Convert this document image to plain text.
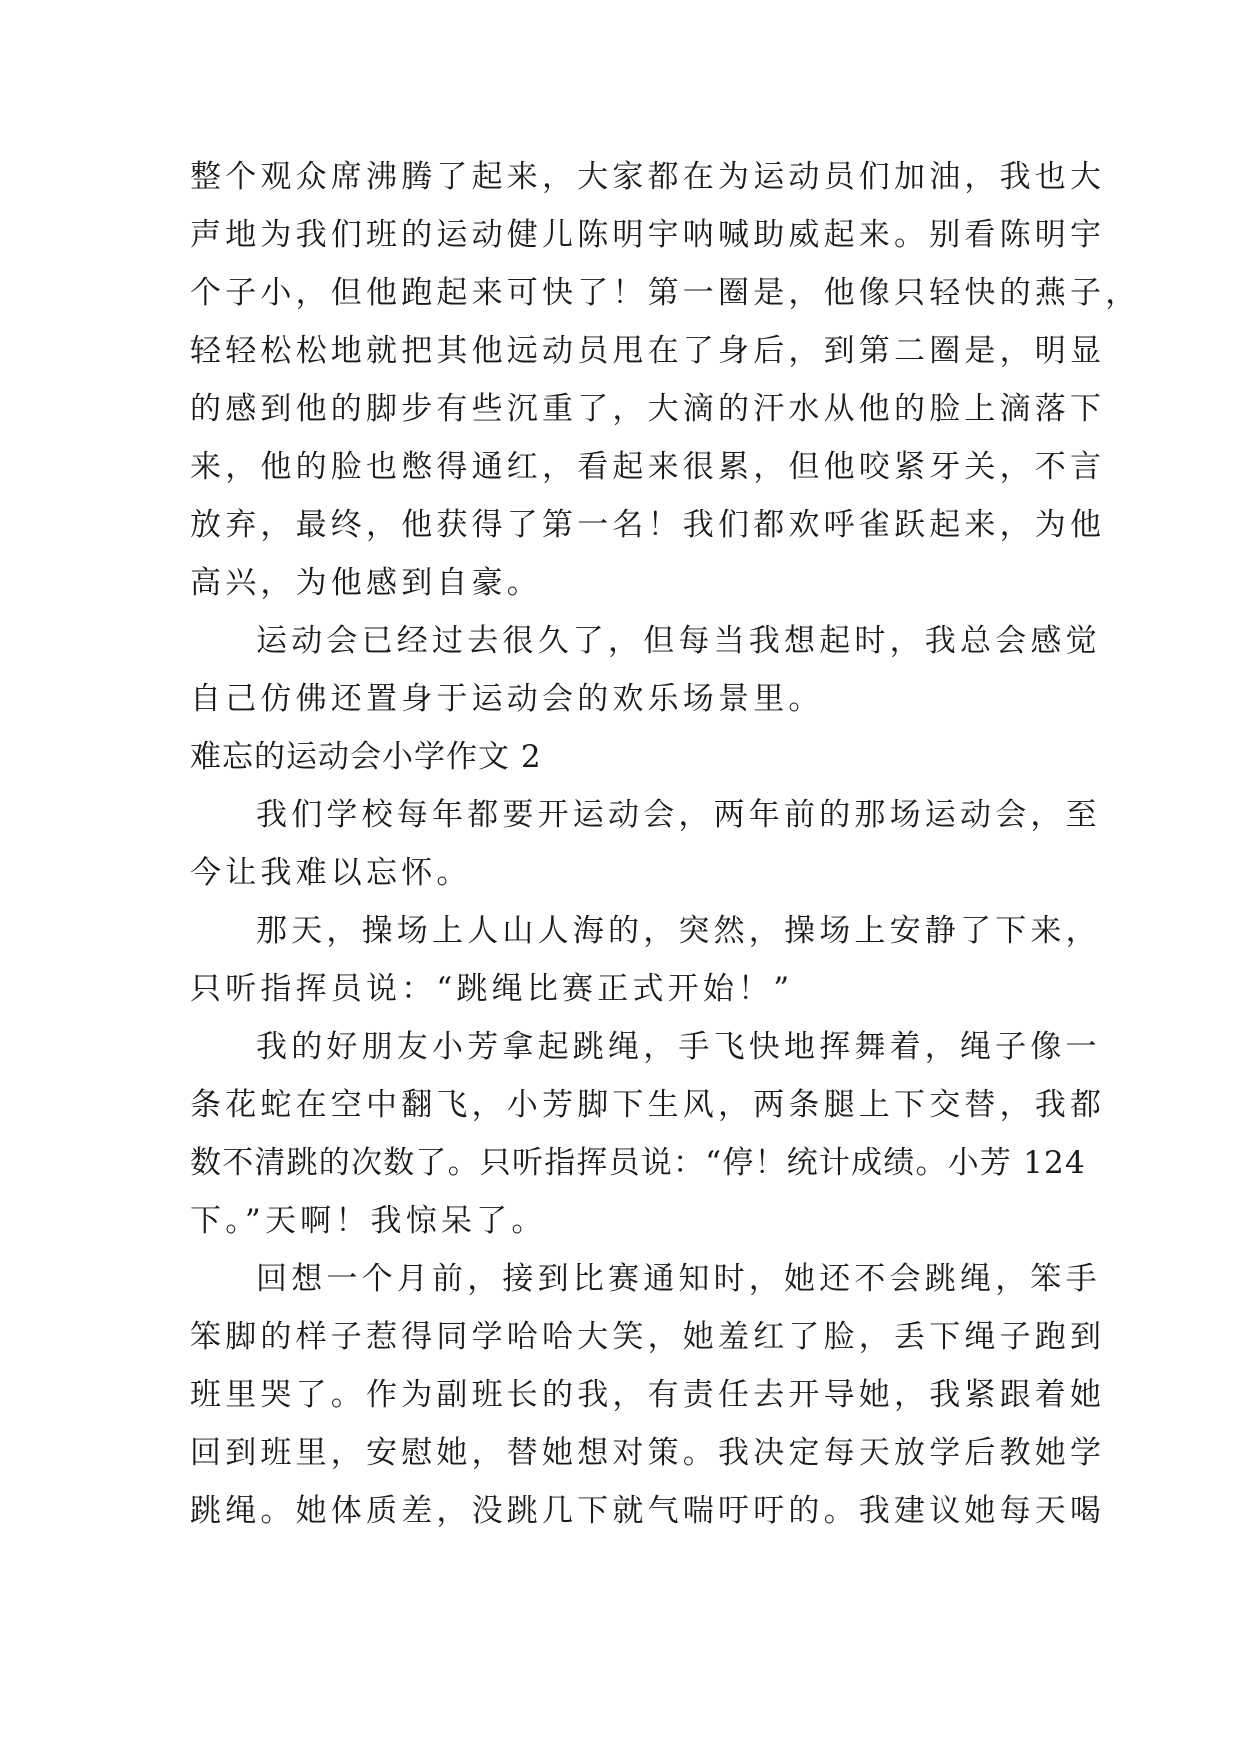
整个观众席沸腾了起来，大家都在为运动员们加油，我也大
声地为我们班的运动健儿陈明宇呐喊助威起来。别看陈明宇
个子小，但他跑起来可快了！第一圈是，他像只轻快的燕子，
轻轻松松地就把其他远动员甩在了身后，到第二圈是，明显
的感到他的脚步有些沉重了，大滴的汗水从他的脸上滴落下
来，他的脸也憋得通红，看起来很累，但他咬紧牙关，不言
放弃，最终，他获得了第一名！我们都欢呼雀跃起来，为他
高兴，为他感到自豪。
运动会已经过去很久了，但每当我想起时，我总会感觉
自己仿佛还置身于运动会的欢乐场景里。
难忘的运动会小学作文 2
我们学校每年都要开运动会，两年前的那场运动会，至
今让我难以忘怀。
那天，操场上人山人海的，突然，操场上安静了下来，
只听指挥员说：“跳绳比赛正式开始！”
我的好朋友小芳拿起跳绳，手飞快地挥舞着，绳子像一
条花蛇在空中翻飞，小芳脚下生风，两条腿上下交替，我都
数不清跳的次数了。只听指挥员说：“停！统计成绩。小芳 124
下。”天啊！我惊呆了。
回想一个月前，接到比赛通知时，她还不会跳绳，笨手
笨脚的样子惹得同学哈哈大笑，她羞红了脸，丢下绳子跑到
班里哭了。作为副班长的我，有责任去开导她，我紧跟着她
回到班里，安慰她，替她想对策。我决定每天放学后教她学
跳绳。她体质差，没跳几下就气喘吁吁的。我建议她每天喝
